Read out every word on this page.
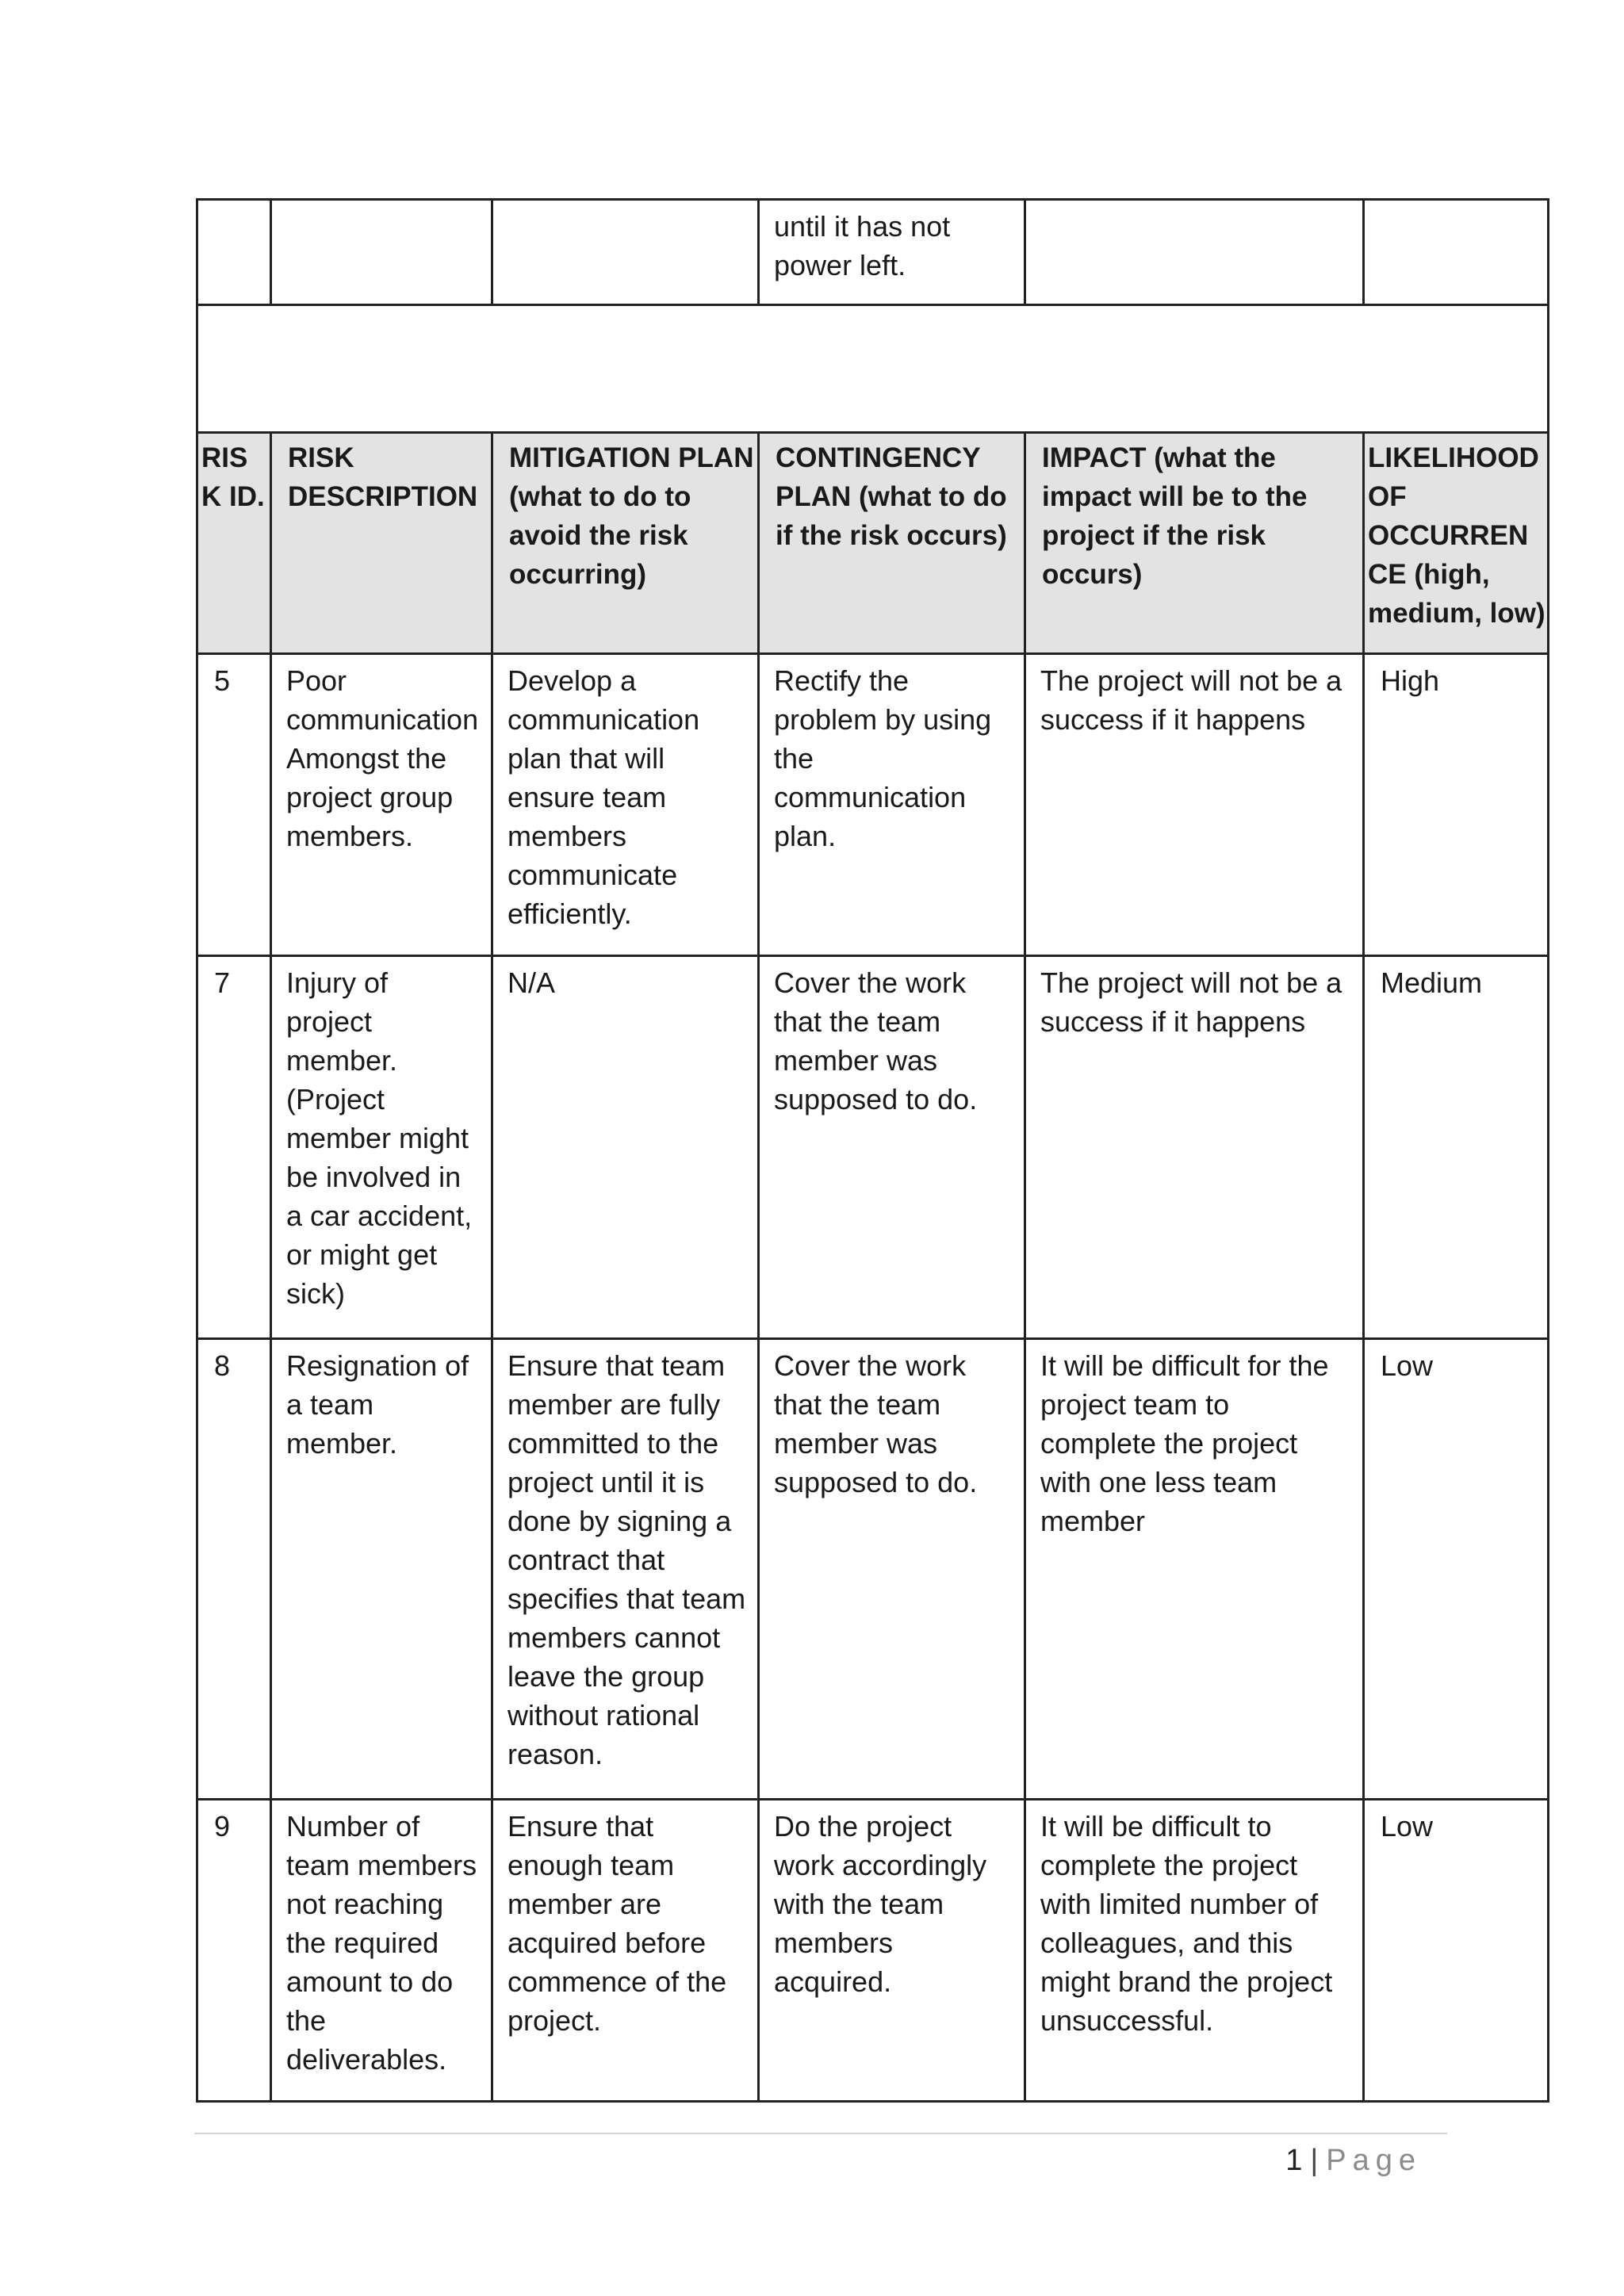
			until it has not power left.		

RISK ID.	RISK DESCRIPTION	MITIGATION PLAN (what to do to avoid the risk occurring)	CONTINGENCY PLAN (what to do if the risk occurs)	IMPACT (what the impact will be to the project if the risk occurs)	LIKELIHOOD OF OCCURRENCE (high, medium, low)
5	Poor communication Amongst the project group members.	Develop a communication plan that will ensure team members communicate efficiently.	Rectify the problem by using the communication plan.	The project will not be a success if it happens	High
7	Injury of project member. (Project member might be involved in a car accident, or might get sick)	N/A	Cover the work that the team member was supposed to do.	The project will not be a success if it happens	Medium
8	Resignation of a team member.	Ensure that team member are fully committed to the project until it is done by signing a contract that specifies that team members cannot leave the group without rational reason.	Cover the work that the team member was supposed to do.	It will be difficult for the project team to complete the project with one less team member	Low
9	Number of team members not reaching the required amount to do the deliverables.	Ensure that enough team member are acquired before commence of the project.	Do the project work accordingly with the team members acquired.	It will be difficult to complete the project with limited number of colleagues, and this might brand the project unsuccessful.	Low
1 | Page
